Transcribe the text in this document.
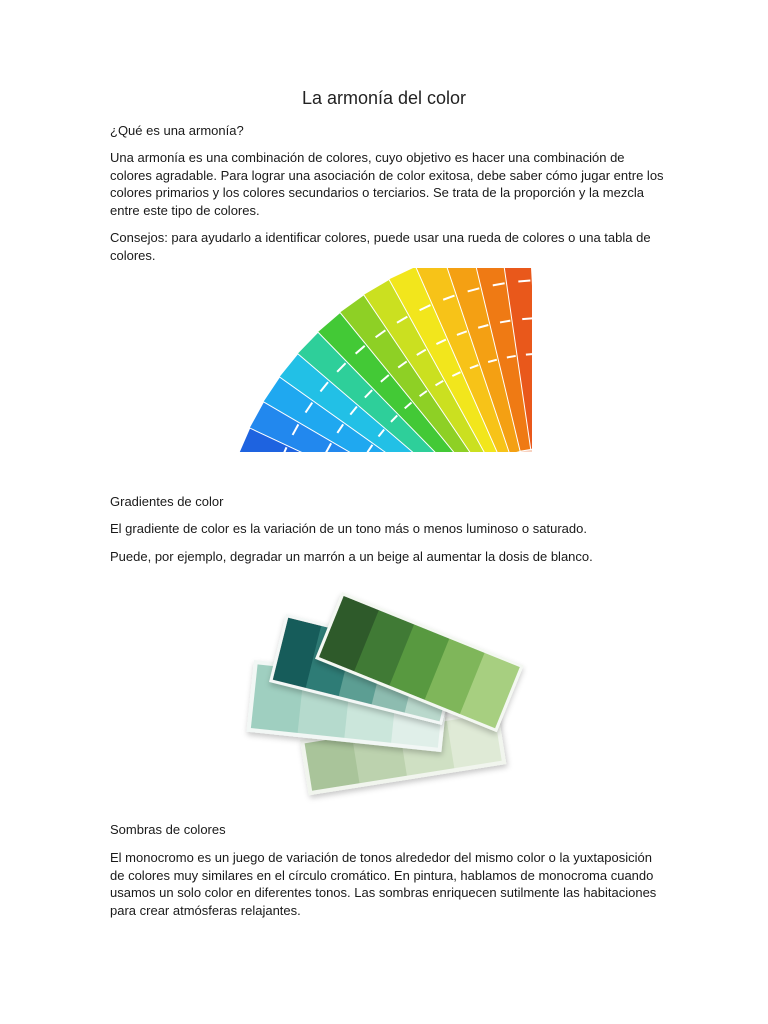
La armonía del color

¿Qué es una armonía?

Una armonía es una combinación de colores, cuyo objetivo es hacer una combinación de colores agradable. Para lograr una asociación de color exitosa, debe saber cómo jugar entre los colores primarios y los colores secundarios o terciarios. Se trata de la proporción y la mezcla entre este tipo de colores.

Consejos: para ayudarlo a identificar colores, puede usar una rueda de colores o una tabla de colores.

Gradientes de color

El gradiente de color es la variación de un tono más o menos luminoso o saturado.

Puede, por ejemplo, degradar un marrón a un beige al aumentar la dosis de blanco.

Sombras de colores

El monocromo es un juego de variación de tonos alrededor del mismo color o la yuxtaposición de colores muy similares en el círculo cromático. En pintura, hablamos de monocroma cuando usamos un solo color en diferentes tonos. Las sombras enriquecen sutilmente las habitaciones para crear atmósferas relajantes.
